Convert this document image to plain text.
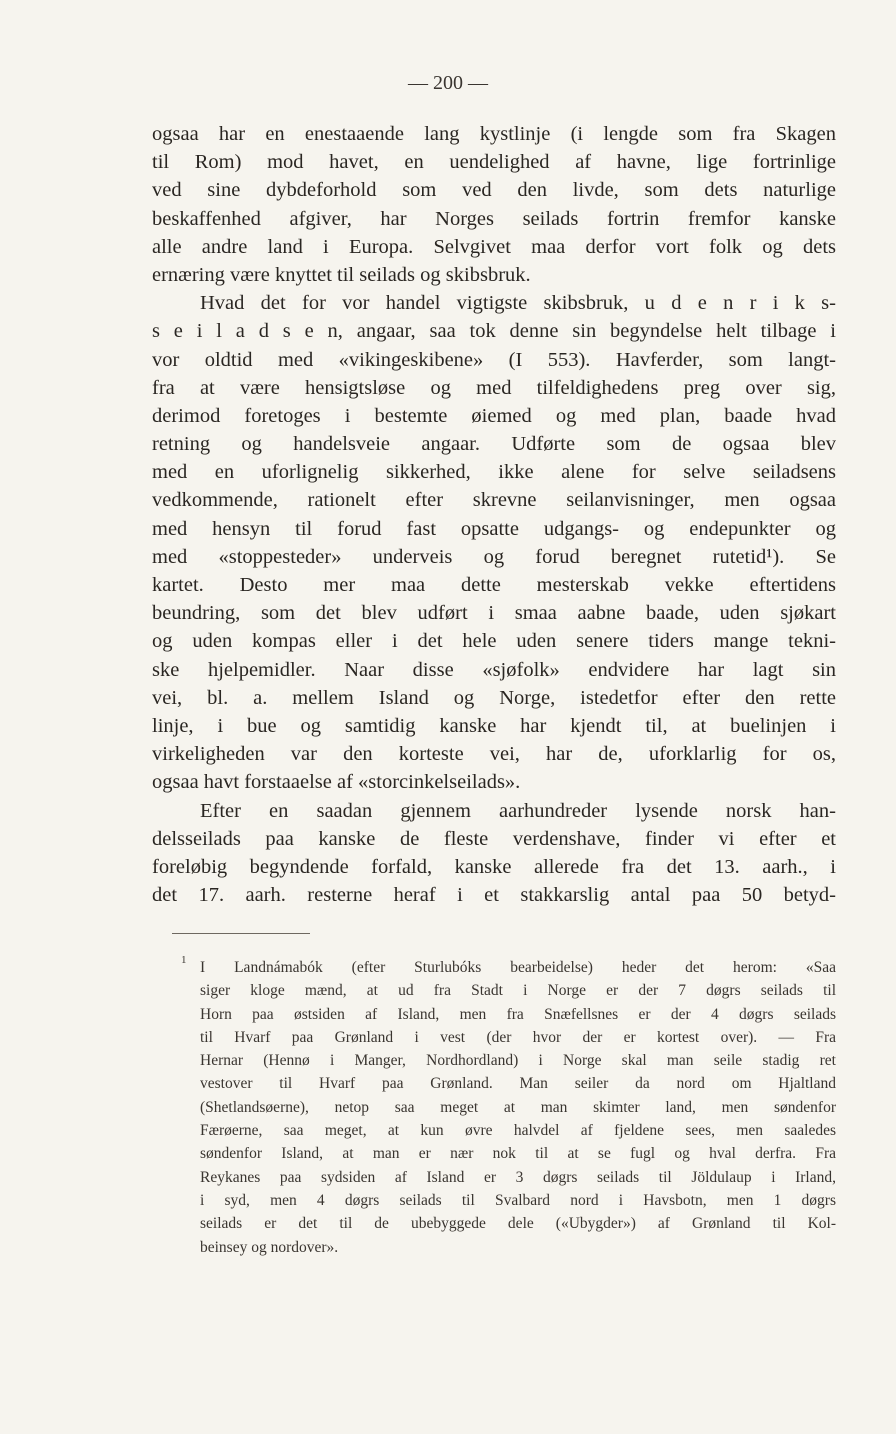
— 200 —
ogsaa har en enestaaende lang kystlinje (i lengde som fra Skagen
til Rom) mod havet, en uendelighed af havne, lige fortrinlige
ved sine dybdeforhold som ved den livde, som dets naturlige
beskaffenhed afgiver, har Norges seilads fortrin fremfor kanske
alle andre land i Europa. Selvgivet maa derfor vort folk og dets
ernæring være knyttet til seilads og skibsbruk.
Hvad det for vor handel vigtigste skibsbruk, u d e n r i k s-
s e i l a d s e n, angaar, saa tok denne sin begyndelse helt tilbage i
vor oldtid med «vikingeskibene» (I 553). Havferder, som langt-
fra at være hensigtsløse og med tilfeldighedens preg over sig,
derimod foretoges i bestemte øiemed og med plan, baade hvad
retning og handelsveie angaar. Udførte som de ogsaa blev
med en uforlignelig sikkerhed, ikke alene for selve seiladsens
vedkommende, rationelt efter skrevne seilanvisninger, men ogsaa
med hensyn til forud fast opsatte udgangs- og endepunkter og
med «stoppesteder» underveis og forud beregnet rutetid¹). Se
kartet. Desto mer maa dette mesterskab vekke eftertidens
beundring, som det blev udført i smaa aabne baade, uden sjøkart
og uden kompas eller i det hele uden senere tiders mange tekni-
ske hjelpemidler. Naar disse «sjøfolk» endvidere har lagt sin
vei, bl. a. mellem Island og Norge, istedetfor efter den rette
linje, i bue og samtidig kanske har kjendt til, at buelinjen i
virkeligheden var den korteste vei, har de, uforklarlig for os,
ogsaa havt forstaaelse af «storcinkelseilads».
Efter en saadan gjennem aarhundreder lysende norsk han-
delsseilads paa kanske de fleste verdenshave, finder vi efter et
foreløbig begyndende forfald, kanske allerede fra det 13. aarh., i
det 17. aarh. resterne heraf i et stakkarslig antal paa 50 betyd-
1 I Landnámabók (efter Sturlubóks bearbeidelse) heder det herom: «Saa
siger kloge mænd, at ud fra Stadt i Norge er der 7 døgrs seilads til
Horn paa østsiden af Island, men fra Snæfellsnes er der 4 døgrs seilads
til Hvarf paa Grønland i vest (der hvor der er kortest over). — Fra
Hernar (Hennø i Manger, Nordhordland) i Norge skal man seile stadig ret
vestover til Hvarf paa Grønland. Man seiler da nord om Hjaltland
(Shetlandsøerne), netop saa meget at man skimter land, men søndenfor
Færøerne, saa meget, at kun øvre halvdel af fjeldene sees, men saaledes
søndenfor Island, at man er nær nok til at se fugl og hval derfra. Fra
Reykanes paa sydsiden af Island er 3 døgrs seilads til Jöldulaup i Irland,
i syd, men 4 døgrs seilads til Svalbard nord i Havsbotn, men 1 døgrs
seilads er det til de ubebyggede dele («Ubygder») af Grønland til Kol-
beinsey og nordover».
